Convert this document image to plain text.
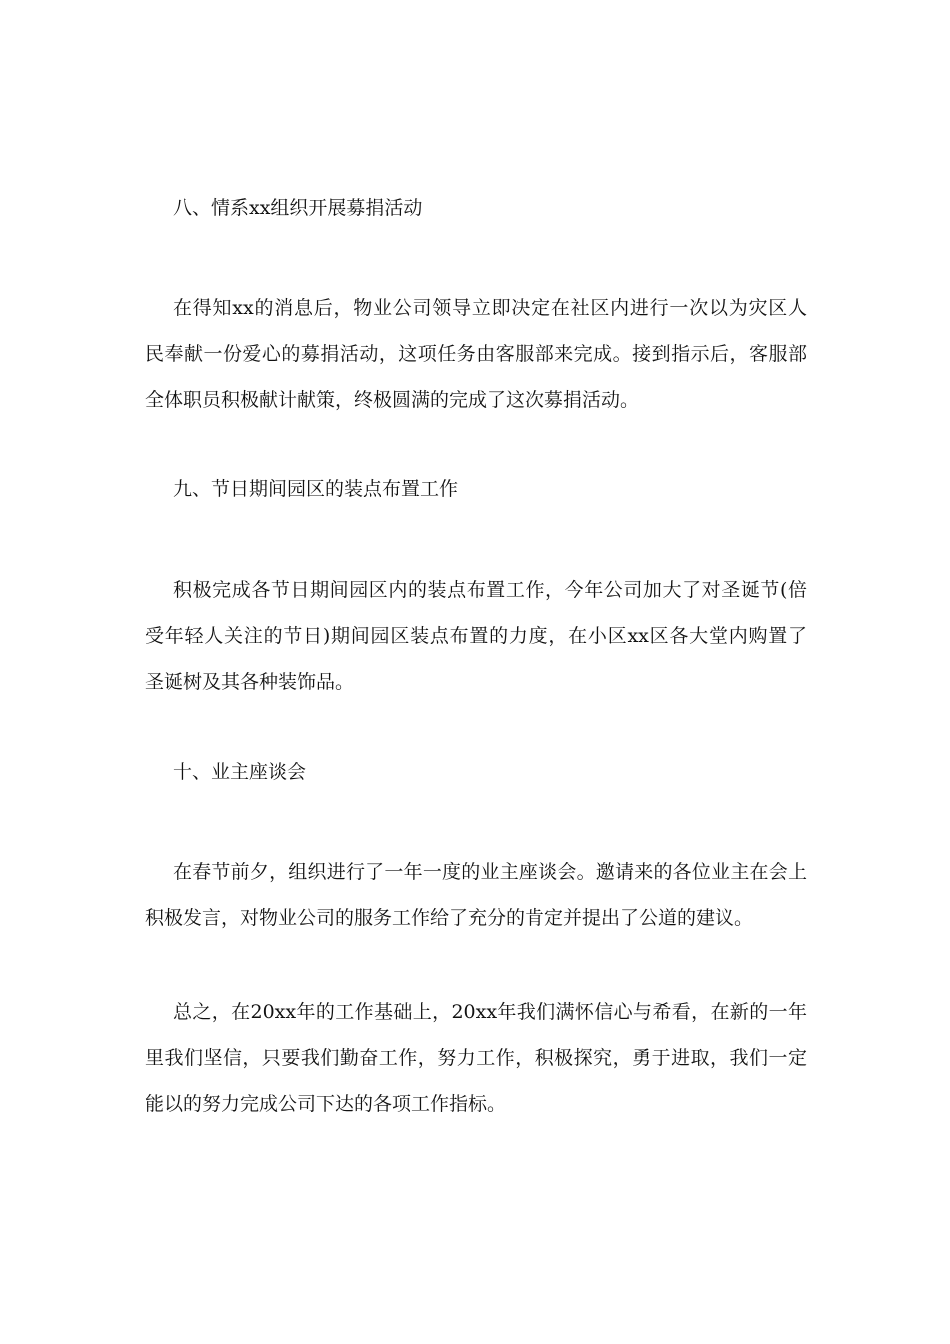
八、情系xx组织开展募捐活动
在得知xx的消息后，物业公司领导立即决定在社区内进行一次以为灾区人
民奉献一份爱心的募捐活动，这项任务由客服部来完成。接到指示后，客服部
全体职员积极献计献策，终极圆满的完成了这次募捐活动。
九、节日期间园区的装点布置工作
积极完成各节日期间园区内的装点布置工作，今年公司加大了对圣诞节(倍
受年轻人关注的节日)期间园区装点布置的力度，在小区xx区各大堂内购置了
圣诞树及其各种装饰品。
十、业主座谈会
在春节前夕，组织进行了一年一度的业主座谈会。邀请来的各位业主在会上
积极发言，对物业公司的服务工作给了充分的肯定并提出了公道的建议。
总之，在20xx年的工作基础上，20xx年我们满怀信心与希看，在新的一年
里我们坚信，只要我们勤奋工作，努力工作，积极探究，勇于进取，我们一定
能以的努力完成公司下达的各项工作指标。
